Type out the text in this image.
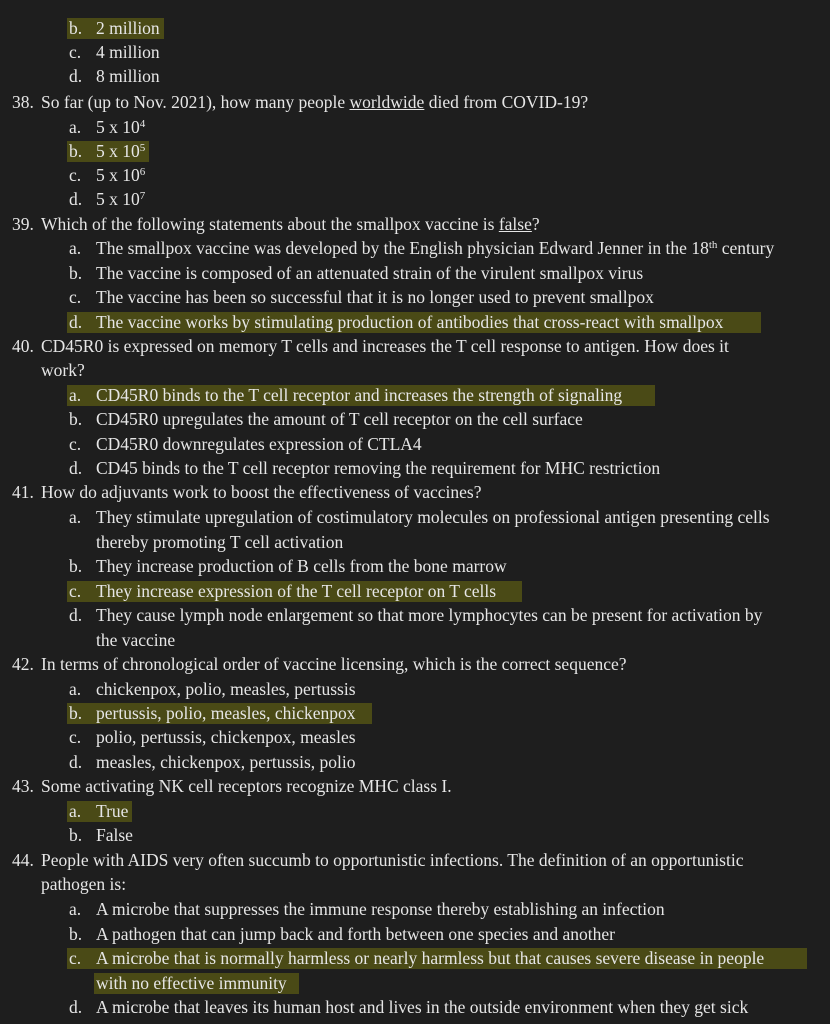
b. 2 million
c. 4 million
d. 8 million
38. So far (up to Nov. 2021), how many people worldwide died from COVID-19?
a. 5 x $10^4$
b. 5 x $10^5$
c. 5 x $10^6$
d. 5 x $10^7$
39. Which of the following statements about the smallpox vaccine is false?
a. The smallpox vaccine was developed by the English physician Edward Jenner in the 18th century
b. The vaccine is composed of an attenuated strain of the virulent smallpox virus
c. The vaccine has been so successful that it is no longer used to prevent smallpox
d. The vaccine works by stimulating production of antibodies that cross-react with smallpox
40. CD45R0 is expressed on memory T cells and increases the T cell response to antigen. How does it
work?
a. CD45R0 binds to the T cell receptor and increases the strength of signaling
b. CD45R0 upregulates the amount of T cell receptor on the cell surface
c. CD45R0 downregulates expression of CTLA4
d. CD45 binds to the T cell receptor removing the requirement for MHC restriction
41. How do adjuvants work to boost the effectiveness of vaccines?
a. They stimulate upregulation of costimulatory molecules on professional antigen presenting cells
thereby promoting T cell activation
b. They increase production of B cells from the bone marrow
c. They increase expression of the T cell receptor on T cells
d. They cause lymph node enlargement so that more lymphocytes can be present for activation by
the vaccine
42. In terms of chronological order of vaccine licensing, which is the correct sequence?
a. chickenpox, polio, measles, pertussis
b. pertussis, polio, measles, chickenpox
c. polio, pertussis, chickenpox, measles
d. measles, chickenpox, pertussis, polio
43. Some activating NK cell receptors recognize MHC class I.
a. True
b. False
44. People with AIDS very often succumb to opportunistic infections. The definition of an opportunistic
pathogen is:
a. A microbe that suppresses the immune response thereby establishing an infection
b. A pathogen that can jump back and forth between one species and another
c. A microbe that is normally harmless or nearly harmless but that causes severe disease in people
with no effective immunity
d. A microbe that leaves its human host and lives in the outside environment when they get sick
